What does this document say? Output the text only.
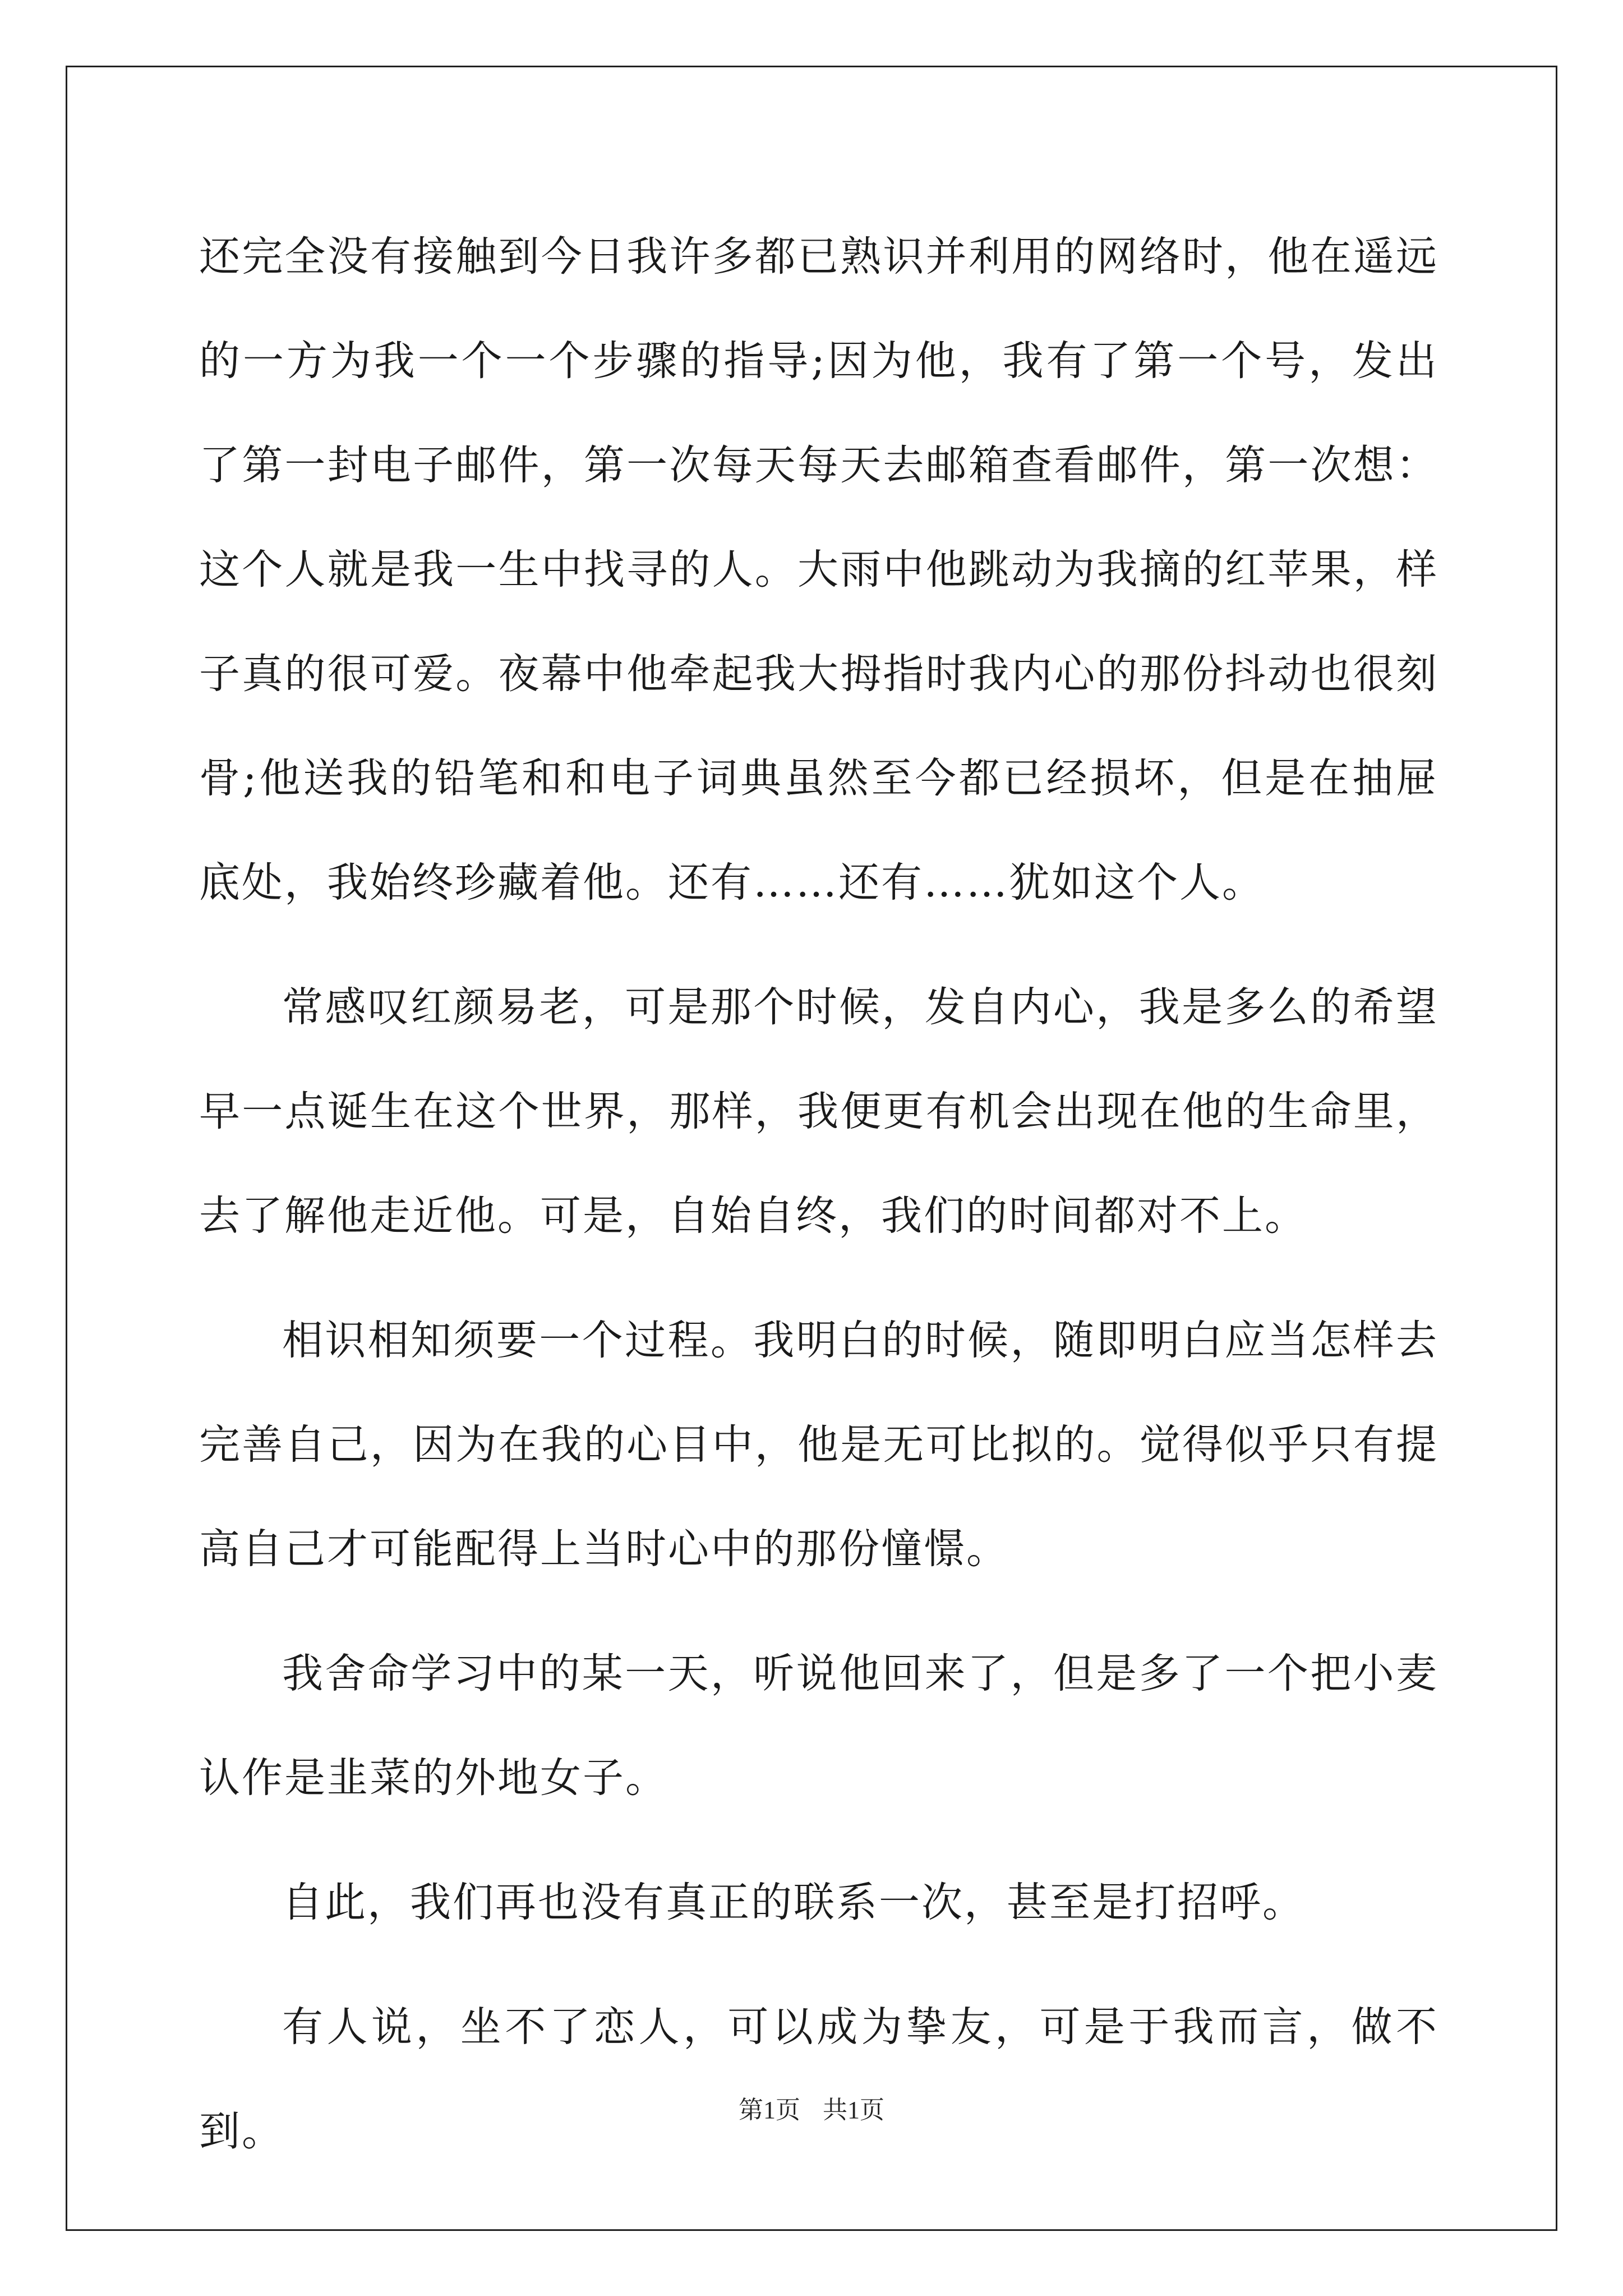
还完全没有接触到今日我许多都已熟识并利用的网络时，他在遥远的一方为我一个一个步骤的指导;因为他，我有了第一个号，发出了第一封电子邮件，第一次每天每天去邮箱查看邮件，第一次想：这个人就是我一生中找寻的人。大雨中他跳动为我摘的红苹果，样子真的很可爱。夜幕中他牵起我大拇指时我内心的那份抖动也很刻骨;他送我的铅笔和和电子词典虽然至今都已经损坏，但是在抽屉底处，我始终珍藏着他。还有……还有……犹如这个人。

常感叹红颜易老，可是那个时候，发自内心，我是多么的希望早一点诞生在这个世界，那样，我便更有机会出现在他的生命里，去了解他走近他。可是，自始自终，我们的时间都对不上。

相识相知须要一个过程。我明白的时候，随即明白应当怎样去完善自己，因为在我的心目中，他是无可比拟的。觉得似乎只有提高自己才可能配得上当时心中的那份憧憬。

我舍命学习中的某一天，听说他回来了，但是多了一个把小麦认作是韭菜的外地女子。

自此，我们再也没有真正的联系一次，甚至是打招呼。

有人说，坐不了恋人，可以成为挚友，可是于我而言，做不到。	第1页 共1页
